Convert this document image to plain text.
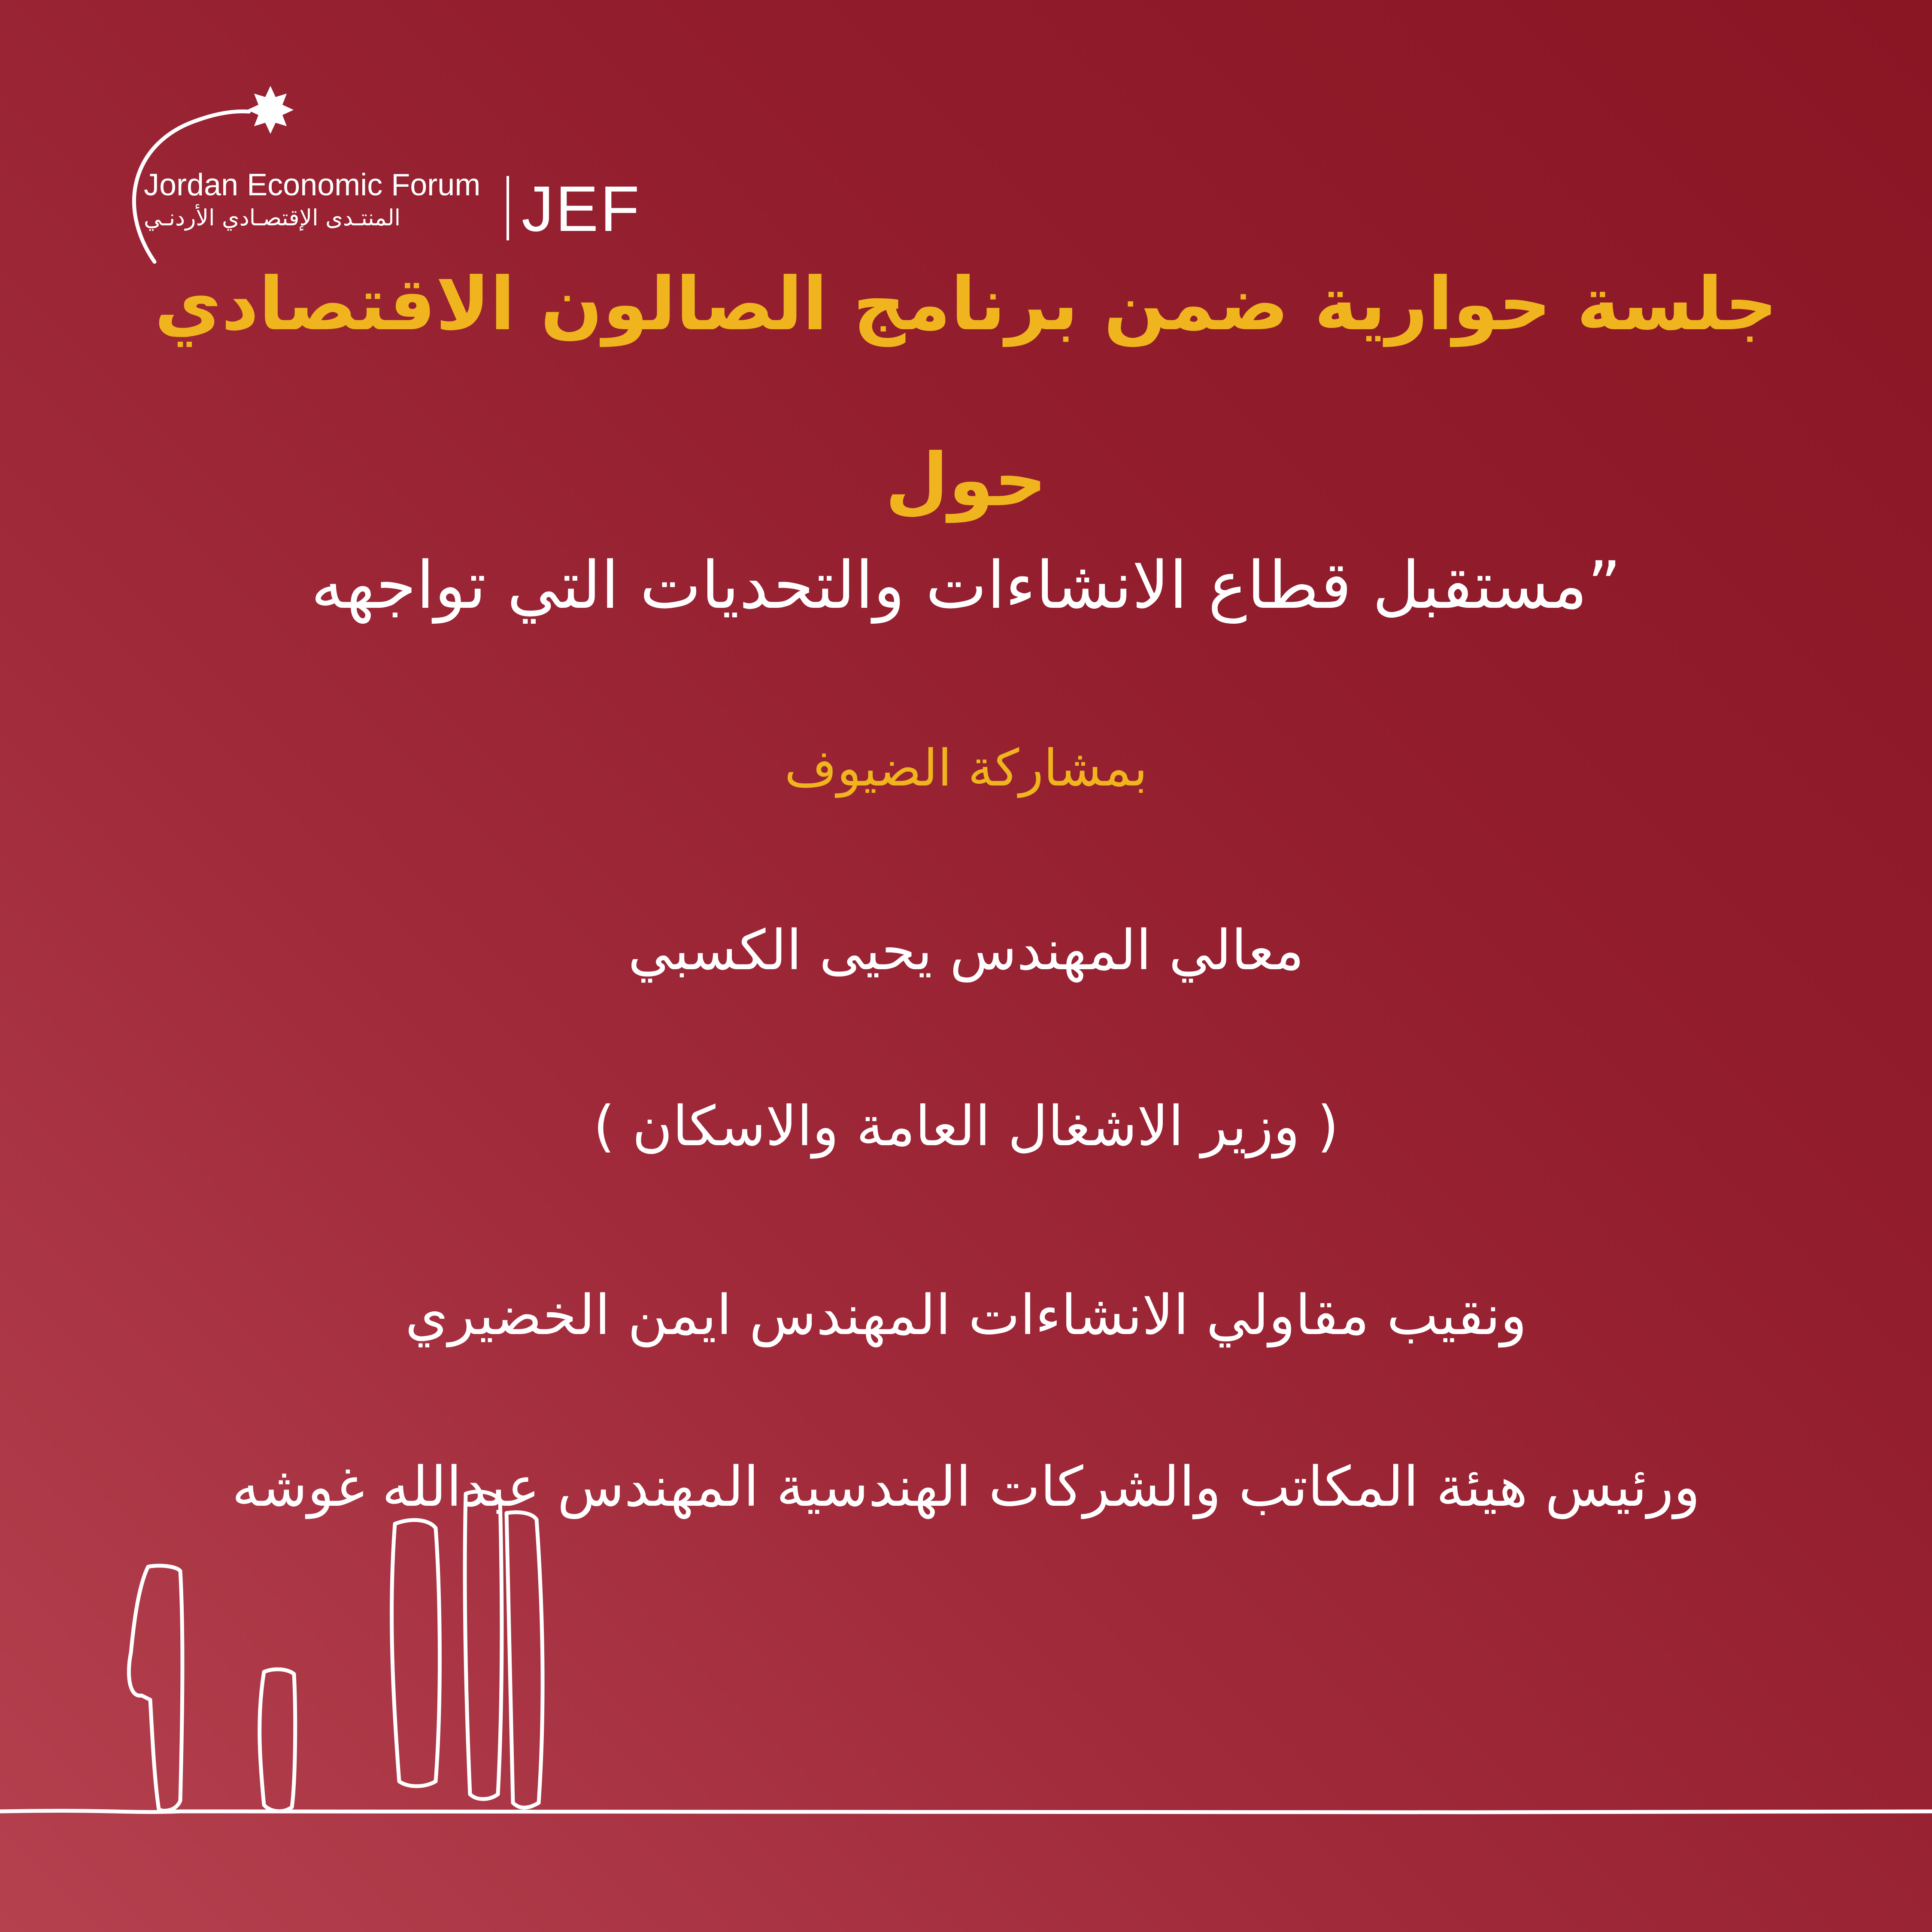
Jordan Economic Forum
المنتـدى الإقتصـادي الأردنـي JEF
جلسة حوارية ضمن برنامج الصالون الاقتصادي
حول
”مستقبل قطاع الانشاءات والتحديات التي تواجهه
بمشاركة الضيوف
معالي المهندس يحيى الكسبي
( وزير الاشغال العامة والاسكان )
ونقيب مقاولي الانشاءات المهندس ايمن الخضيري
ورئيس هيئة المكاتب والشركات الهندسية المهندس عبدالله غوشه
